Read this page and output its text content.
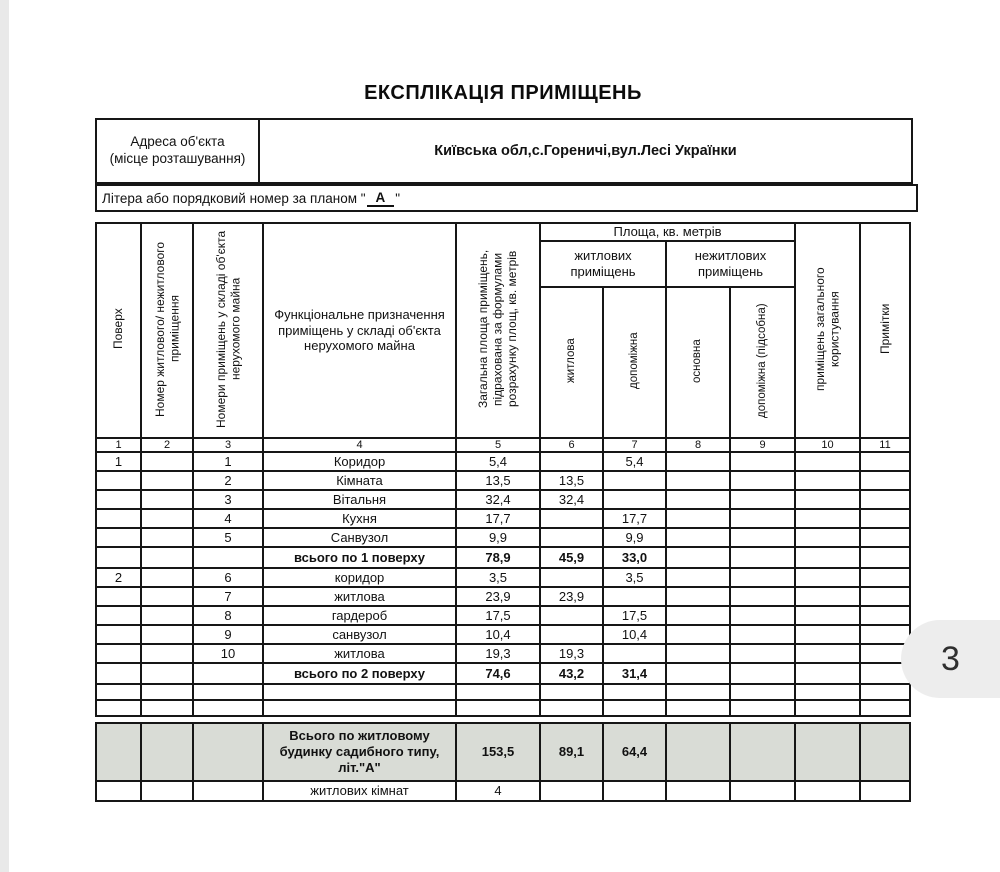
ЕКСПЛІКАЦІЯ ПРИМІЩЕНЬ
Адреса об'єкта
(місце розташування)	Київська обл,с.Гореничі,вул.Лесі Українки
Літера або порядковий номер за планом " А "
Поверх	Номер житлового/ нежитлового приміщення	Номери приміщень у складі об'єкта нерухомого майна	Функціональне призначення приміщень у складі об'єкта нерухомого майна	Загальна площа приміщень, підрахована за формулами розрахунку площ, кв. метрів	Площа, кв. метрів				приміщень загального користування	Примітки
					житлових приміщень		нежитлових приміщень			
					житлова	допоміжна	основна	допоміжна (підсобна)		
1	2	3	4	5	6	7	8	9	10	11
1		1	Коридор	5,4		5,4				
		2	Кімната	13,5	13,5					
		3	Вітальня	32,4	32,4					
		4	Кухня	17,7		17,7				
		5	Санвузол	9,9		9,9				
			всього по 1 поверху	78,9	45,9	33,0				
2		6	коридор	3,5		3,5				
		7	житлова	23,9	23,9					
		8	гардероб	17,5		17,5				
		9	санвузол	10,4		10,4				
		10	житлова	19,3	19,3					
			всього по 2 поверху	74,6	43,2	31,4				

			Всього по житловому будинку садибного типу, літ."А"	153,5	89,1	64,4				
			житлових кімнат	4						
3
